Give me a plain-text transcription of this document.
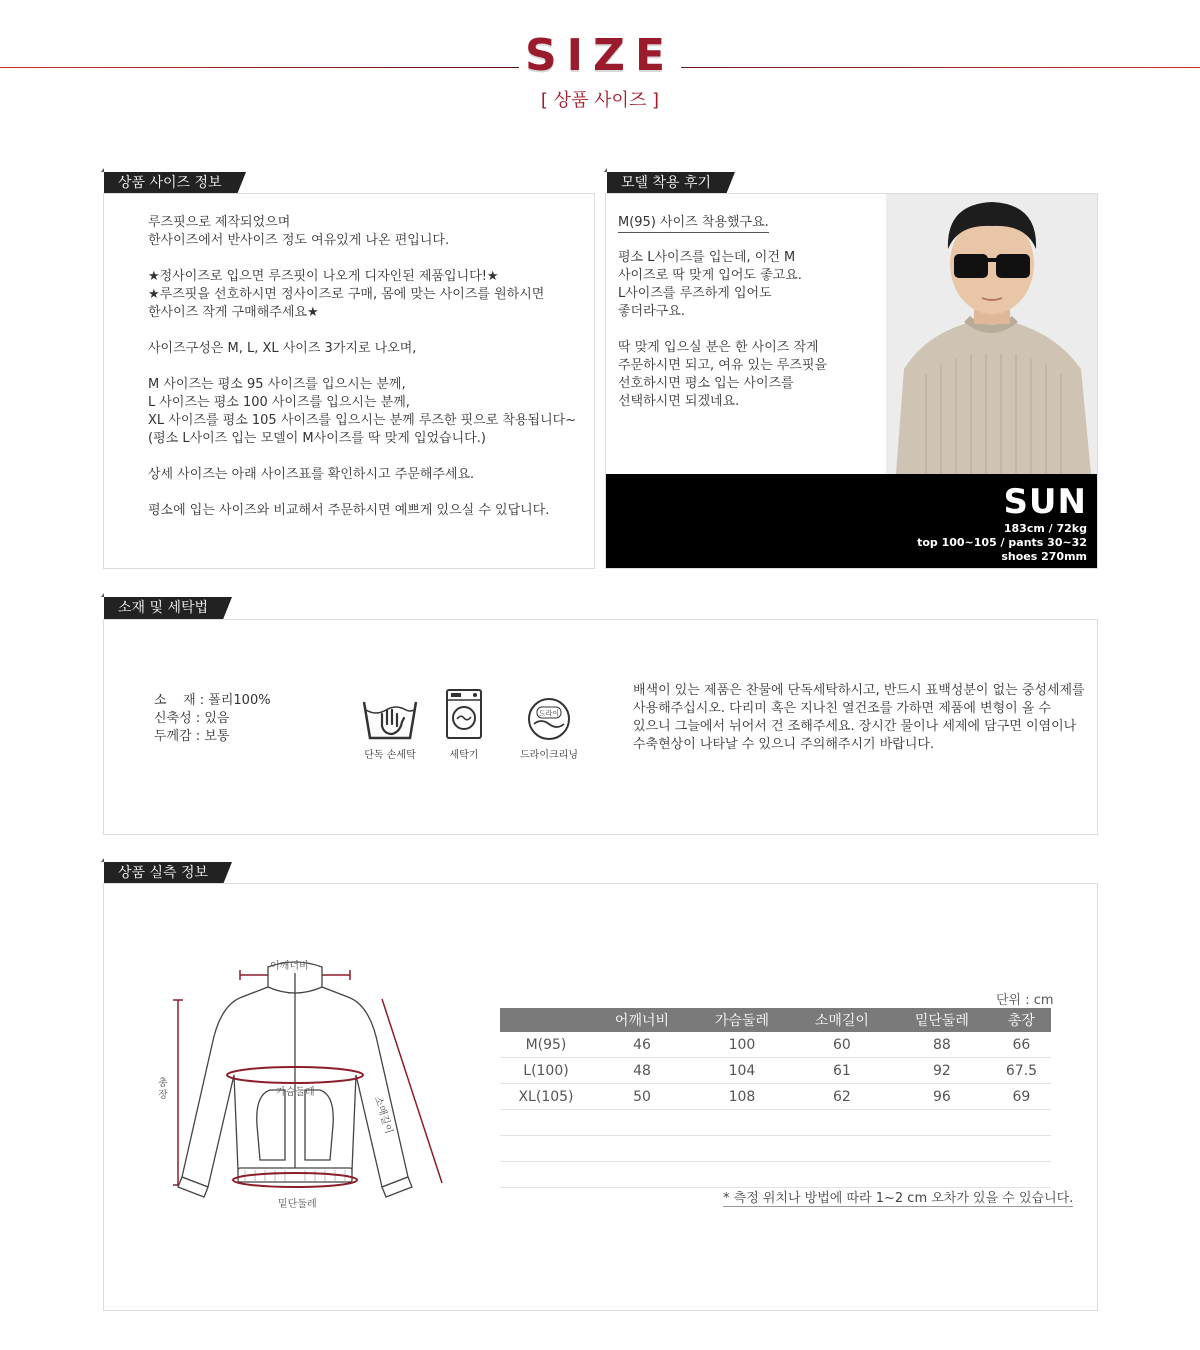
SIZE
[ 상품 사이즈 ]
상품 사이즈 정보
루즈핏으로 제작되었으며
한사이즈에서 반사이즈 정도 여유있게 나온 편입니다.
★정사이즈로 입으면 루즈핏이 나오게 디자인된 제품입니다!★
★루즈핏을 선호하시면 정사이즈로 구매, 몸에 맞는 사이즈를 원하시면
한사이즈 작게 구매해주세요★
사이즈구성은 M, L, XL 사이즈 3가지로 나오며,
M 사이즈는 평소 95 사이즈를 입으시는 분께,
L 사이즈는 평소 100 사이즈를 입으시는 분께,
XL 사이즈를 평소 105 사이즈를 입으시는 분께 루즈한 핏으로 착용됩니다~
(평소 L사이즈 입는 모델이 M사이즈를 딱 맞게 입었습니다.)
상세 사이즈는 아래 사이즈표를 확인하시고 주문해주세요.
평소에 입는 사이즈와 비교해서 주문하시면 예쁘게 있으실 수 있답니다.
모델 착용 후기
M(95) 사이즈 착용했구요.
평소 L사이즈를 입는데, 이건 M
사이즈로 딱 맞게 입어도 좋고요.
L사이즈를 루즈하게 입어도
좋더라구요.
딱 맞게 입으실 분은 한 사이즈 작게
주문하시면 되고, 여유 있는 루즈핏을
선호하시면 평소 입는 사이즈를
선택하시면 되겠네요.
SUN
183cm / 72kg
top 100~105 / pants 30~32
shoes 270mm
소재 및 세탁법
소    재 : 폴리100%
신축성 : 있음
두께감 : 보통
단독 손세탁	세탁기
드라이
드라이크리닝
배색이 있는 제품은 찬물에 단독세탁하시고, 반드시 표백성분이 없는 중성세제를
사용해주십시오. 다리미 혹은 지나친 열건조를 가하면 제품에 변형이 올 수
있으니 그늘에서 뉘어서 건 조해주세요. 장시간 물이나 세제에 담구면 이염이나
수축현상이 나타날 수 있으니 주의해주시기 바랍니다.
상품 실측 정보
어깨너비
가슴둘레
총장	소매길이
밑단둘레
단위 : cm
	어깨너비	가슴둘레	소매길이	밑단둘레	총장
M(95)	46	100	60	88	66
L(100)	48	104	61	92	67.5
XL(105)	50	108	62	96	69

* 측정 위치나 방법에 따라 1~2 cm 오차가 있을 수 있습니다.
